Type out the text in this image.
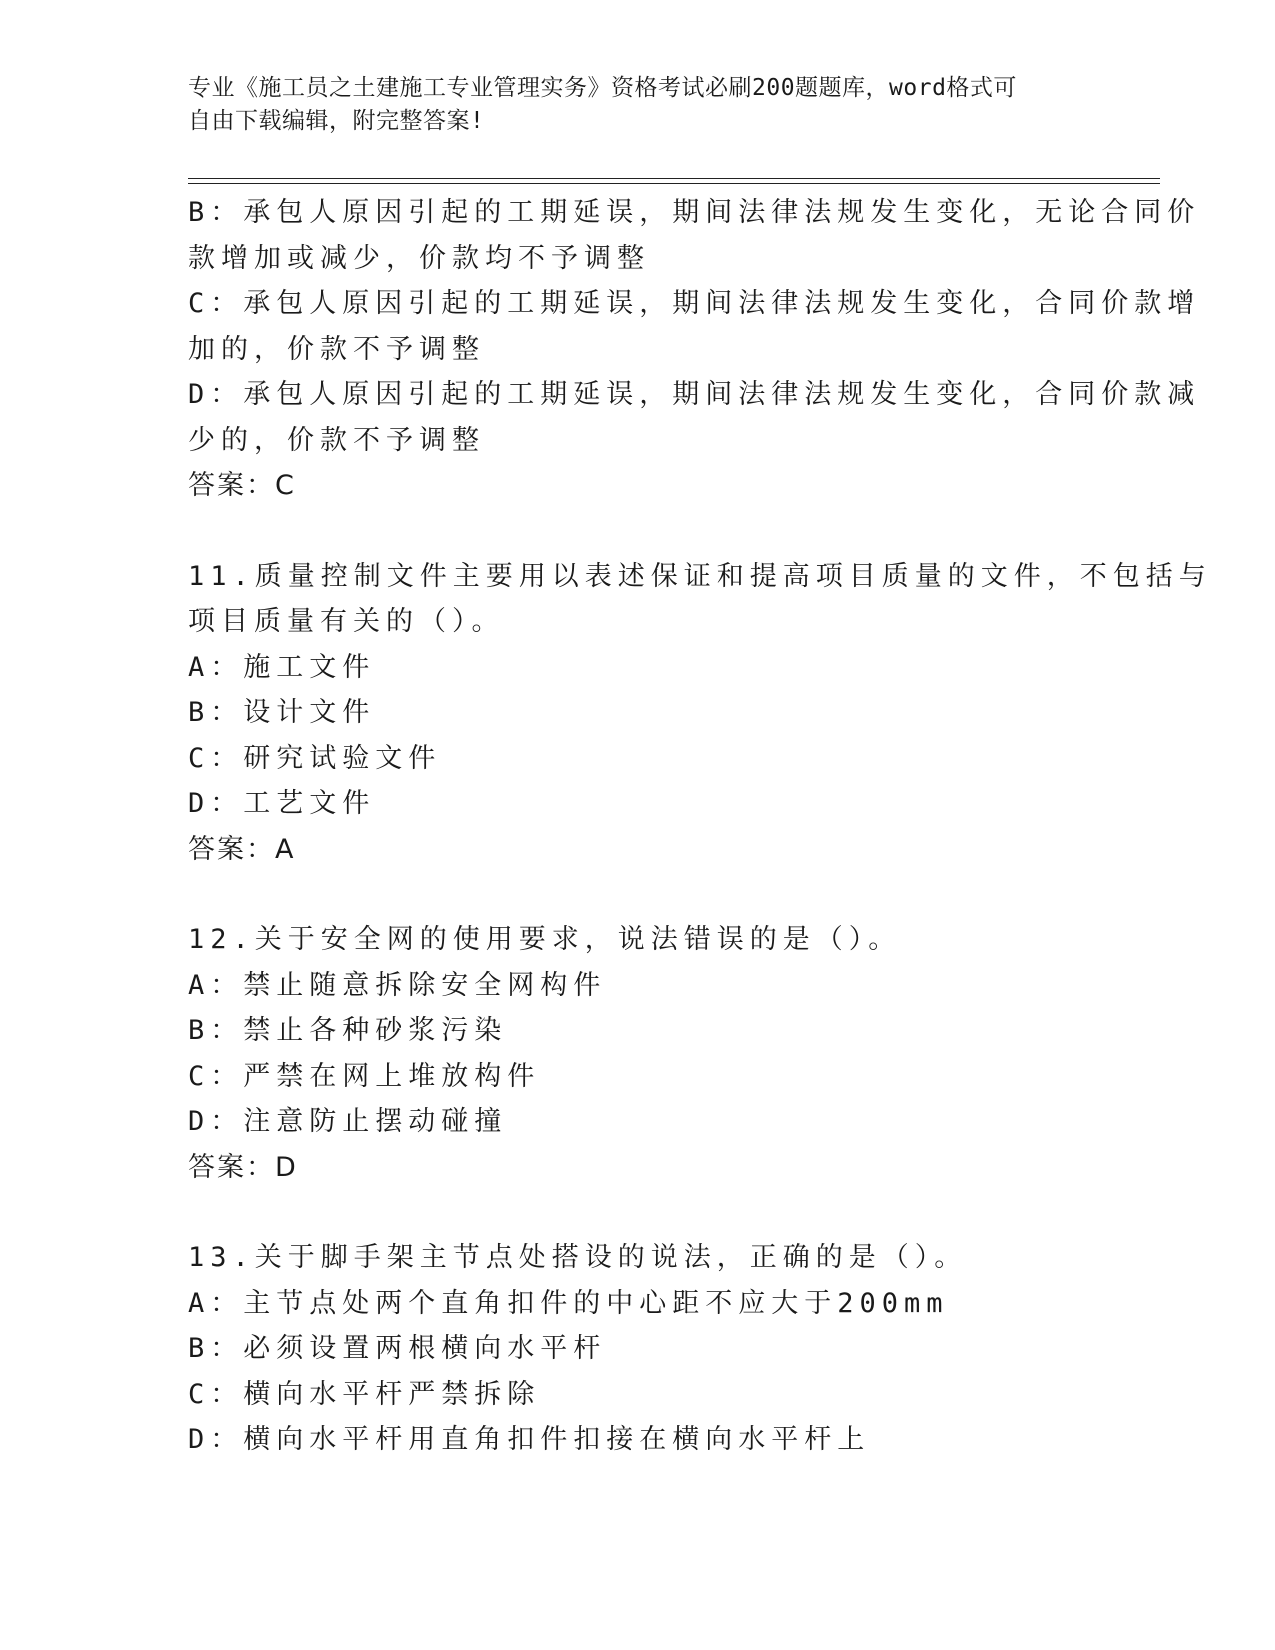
专业《施工员之土建施工专业管理实务》资格考试必刷200题题库，word格式可
自由下载编辑，附完整答案!
B：承包人原因引起的工期延误，期间法律法规发生变化，无论合同价
款增加或减少，价款均不予调整
C：承包人原因引起的工期延误，期间法律法规发生变化，合同价款增
加的，价款不予调整
D：承包人原因引起的工期延误，期间法律法规发生变化，合同价款减
少的，价款不予调整
答案：C
11.质量控制文件主要用以表述保证和提高项目质量的文件，不包括与
项目质量有关的（）。
A：施工文件
B：设计文件
C：研究试验文件
D：工艺文件
答案：A
12.关于安全网的使用要求，说法错误的是（）。
A：禁止随意拆除安全网构件
B：禁止各种砂浆污染
C：严禁在网上堆放构件
D：注意防止摆动碰撞
答案：D
13.关于脚手架主节点处搭设的说法，正确的是（）。
A：主节点处两个直角扣件的中心距不应大于200mm
B：必须设置两根横向水平杆
C：横向水平杆严禁拆除
D：横向水平杆用直角扣件扣接在横向水平杆上
